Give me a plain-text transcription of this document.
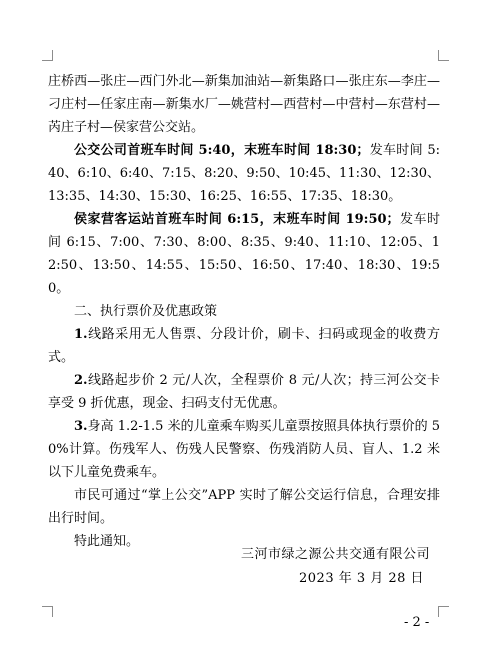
庄桥西—张庄—西门外北—新集加油站—新集路口—张庄东—李庄—刁庄村—任家庄南—新集水厂—姚营村—西营村—中营村—东营村—芮庄子村—侯家营公交站。

公交公司首班车时间 5:40，末班车时间 18:30；发车时间 5:40、6:10、6:40、7:15、8:20、9:50、10:45、11:30、12:30、13:35、14:30、15:30、16:25、16:55、17:35、18:30。

侯家营客运站首班车时间 6:15，末班车时间 19:50；发车时间 6:15、7:00、7:30、8:00、8:35、9:40、11:10、12:05、12:50、13:50、14:55、15:50、16:50、17:40、18:30、19:50。

二、执行票价及优惠政策

1.线路采用无人售票、分段计价，刷卡、扫码或现金的收费方式。

2.线路起步价 2 元/人次，全程票价 8 元/人次；持三河公交卡享受 9 折优惠，现金、扫码支付无优惠。

3.身高 1.2-1.5 米的儿童乘车购买儿童票按照具体执行票价的 50%计算。伤残军人、伤残人民警察、伤残消防人员、盲人、1.2 米以下儿童免费乘车。

市民可通过“掌上公交”APP 实时了解公交运行信息，合理安排出行时间。

特此通知。

三河市绿之源公共交通有限公司
2023 年 3 月 28 日
- 2 -
